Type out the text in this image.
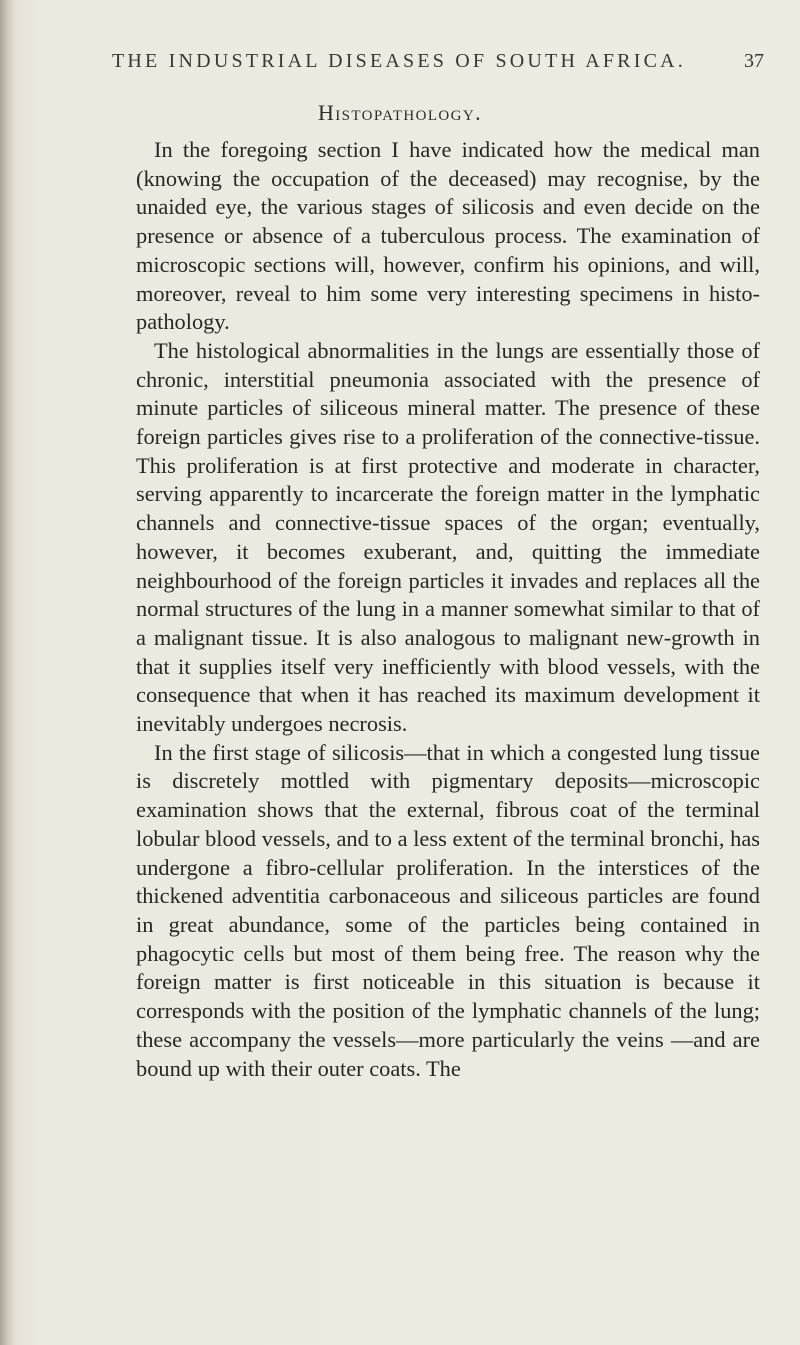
THE INDUSTRIAL DISEASES OF SOUTH AFRICA.	37
Histopathology.

In the foregoing section I have indicated how the medical man (knowing the occupation of the deceased) may recognise, by the unaided eye, the various stages of silicosis and even decide on the presence or absence of a tuberculous process. The examination of microscopic sections will, however, confirm his opinions, and will, moreover, reveal to him some very interesting specimens in histopathology.

The histological abnormalities in the lungs are essentially those of chronic, interstitial pneumonia associated with the presence of minute particles of siliceous mineral matter. The presence of these foreign particles gives rise to a proliferation of the connective-tissue. This proliferation is at first protective and moderate in character, serving apparently to incarcerate the foreign matter in the lymphatic channels and connective-tissue spaces of the organ; eventually, however, it becomes exuberant, and, quitting the immediate neighbourhood of the foreign particles it invades and replaces all the normal structures of the lung in a manner somewhat similar to that of a malignant tissue. It is also analogous to malignant new-growth in that it supplies itself very inefficiently with blood vessels, with the consequence that when it has reached its maximum development it inevitably undergoes necrosis.

In the first stage of silicosis—that in which a congested lung tissue is discretely mottled with pigmentary deposits—microscopic examination shows that the external, fibrous coat of the terminal lobular blood vessels, and to a less extent of the terminal bronchi, has undergone a fibro-cellular proliferation. In the interstices of the thickened adventitia carbonaceous and siliceous particles are found in great abundance, some of the particles being contained in phagocytic cells but most of them being free. The reason why the foreign matter is first noticeable in this situation is because it corresponds with the position of the lymphatic channels of the lung; these accompany the vessels—more particularly the veins —and are bound up with their outer coats. The
